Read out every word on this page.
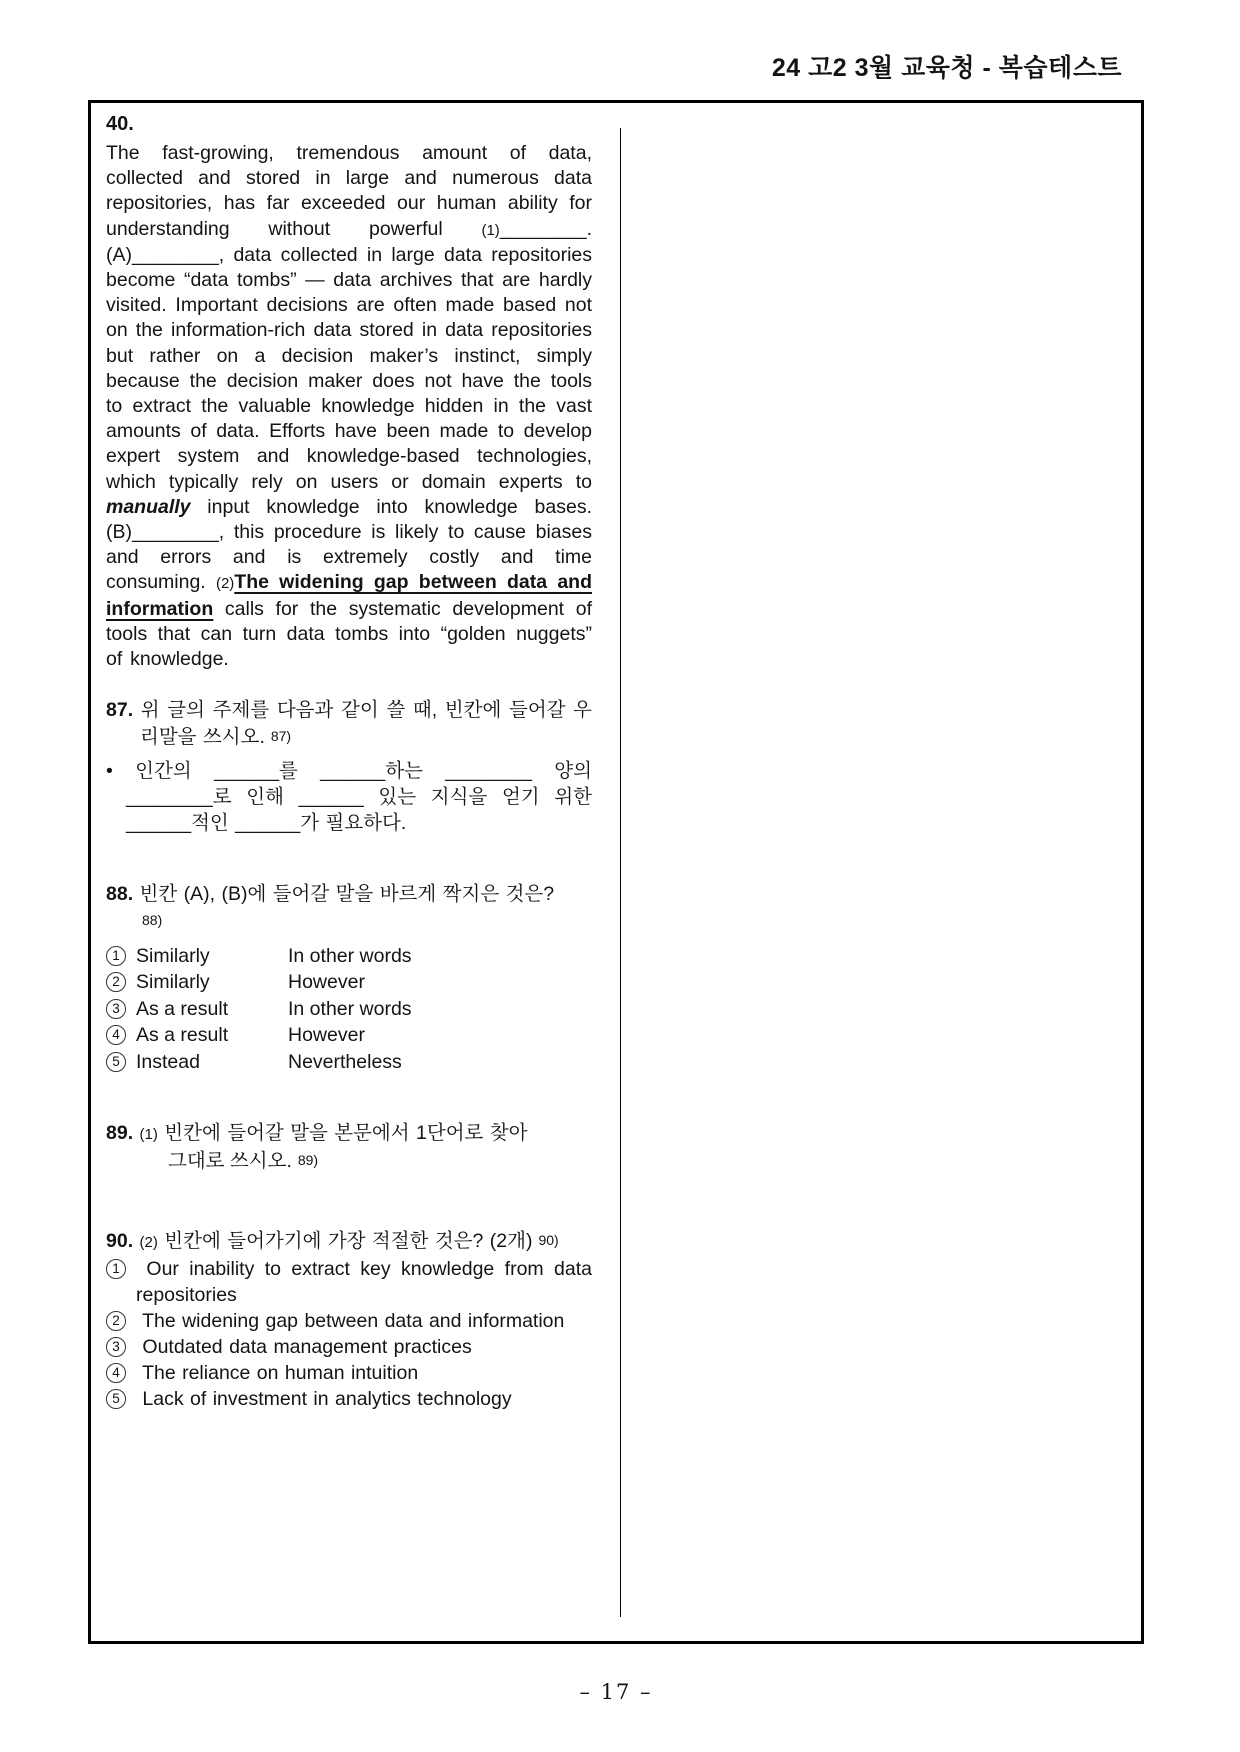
24 고2 3월 교육청 - 복습테스트
40.

The fast-growing, tremendous amount of data, collected and stored in large and numerous data repositories, has far exceeded our human ability for understanding without powerful (1)________. (A)________, data collected in large data repositories become “data tombs” — data archives that are hardly visited. Important decisions are often made based not on the information-rich data stored in data repositories but rather on a decision maker’s instinct, simply because the decision maker does not have the tools to extract the valuable knowledge hidden in the vast amounts of data. Efforts have been made to develop expert system and knowledge-based technologies, which typically rely on users or domain experts to manually input knowledge into knowledge bases. (B)________, this procedure is likely to cause biases and errors and is extremely costly and time consuming. (2)The widening gap between data and information calls for the systematic development of tools that can turn data tombs into “golden nuggets” of knowledge.

87. 위 글의 주제를 다음과 같이 쓸 때, 빈칸에 들어갈 우리말을 쓰시오. 87)

• 인간의 ______를 ______하는 ________ 양의 ________로 인해 ______ 있는 지식을 얻기 위한 ______적인 ______가 필요하다.

88. 빈칸 (A), (B)에 들어갈 말을 바르게 짝지은 것은?

88)

1 Similarly	In other words
2 Similarly	However
3 As a result	In other words
4 As a result	However
5 Instead	Nevertheless

89. (1) 빈칸에 들어갈 말을 본문에서 1단어로 찾아

그대로 쓰시오. 89)

90. (2) 빈칸에 들어가기에 가장 적절한 것은? (2개) 90)

1 Our inability to extract key knowledge from data repositories

2 The widening gap between data and information

3 Outdated data management practices

4 The reliance on human intuition

5 Lack of investment in analytics technology

– 17 –
